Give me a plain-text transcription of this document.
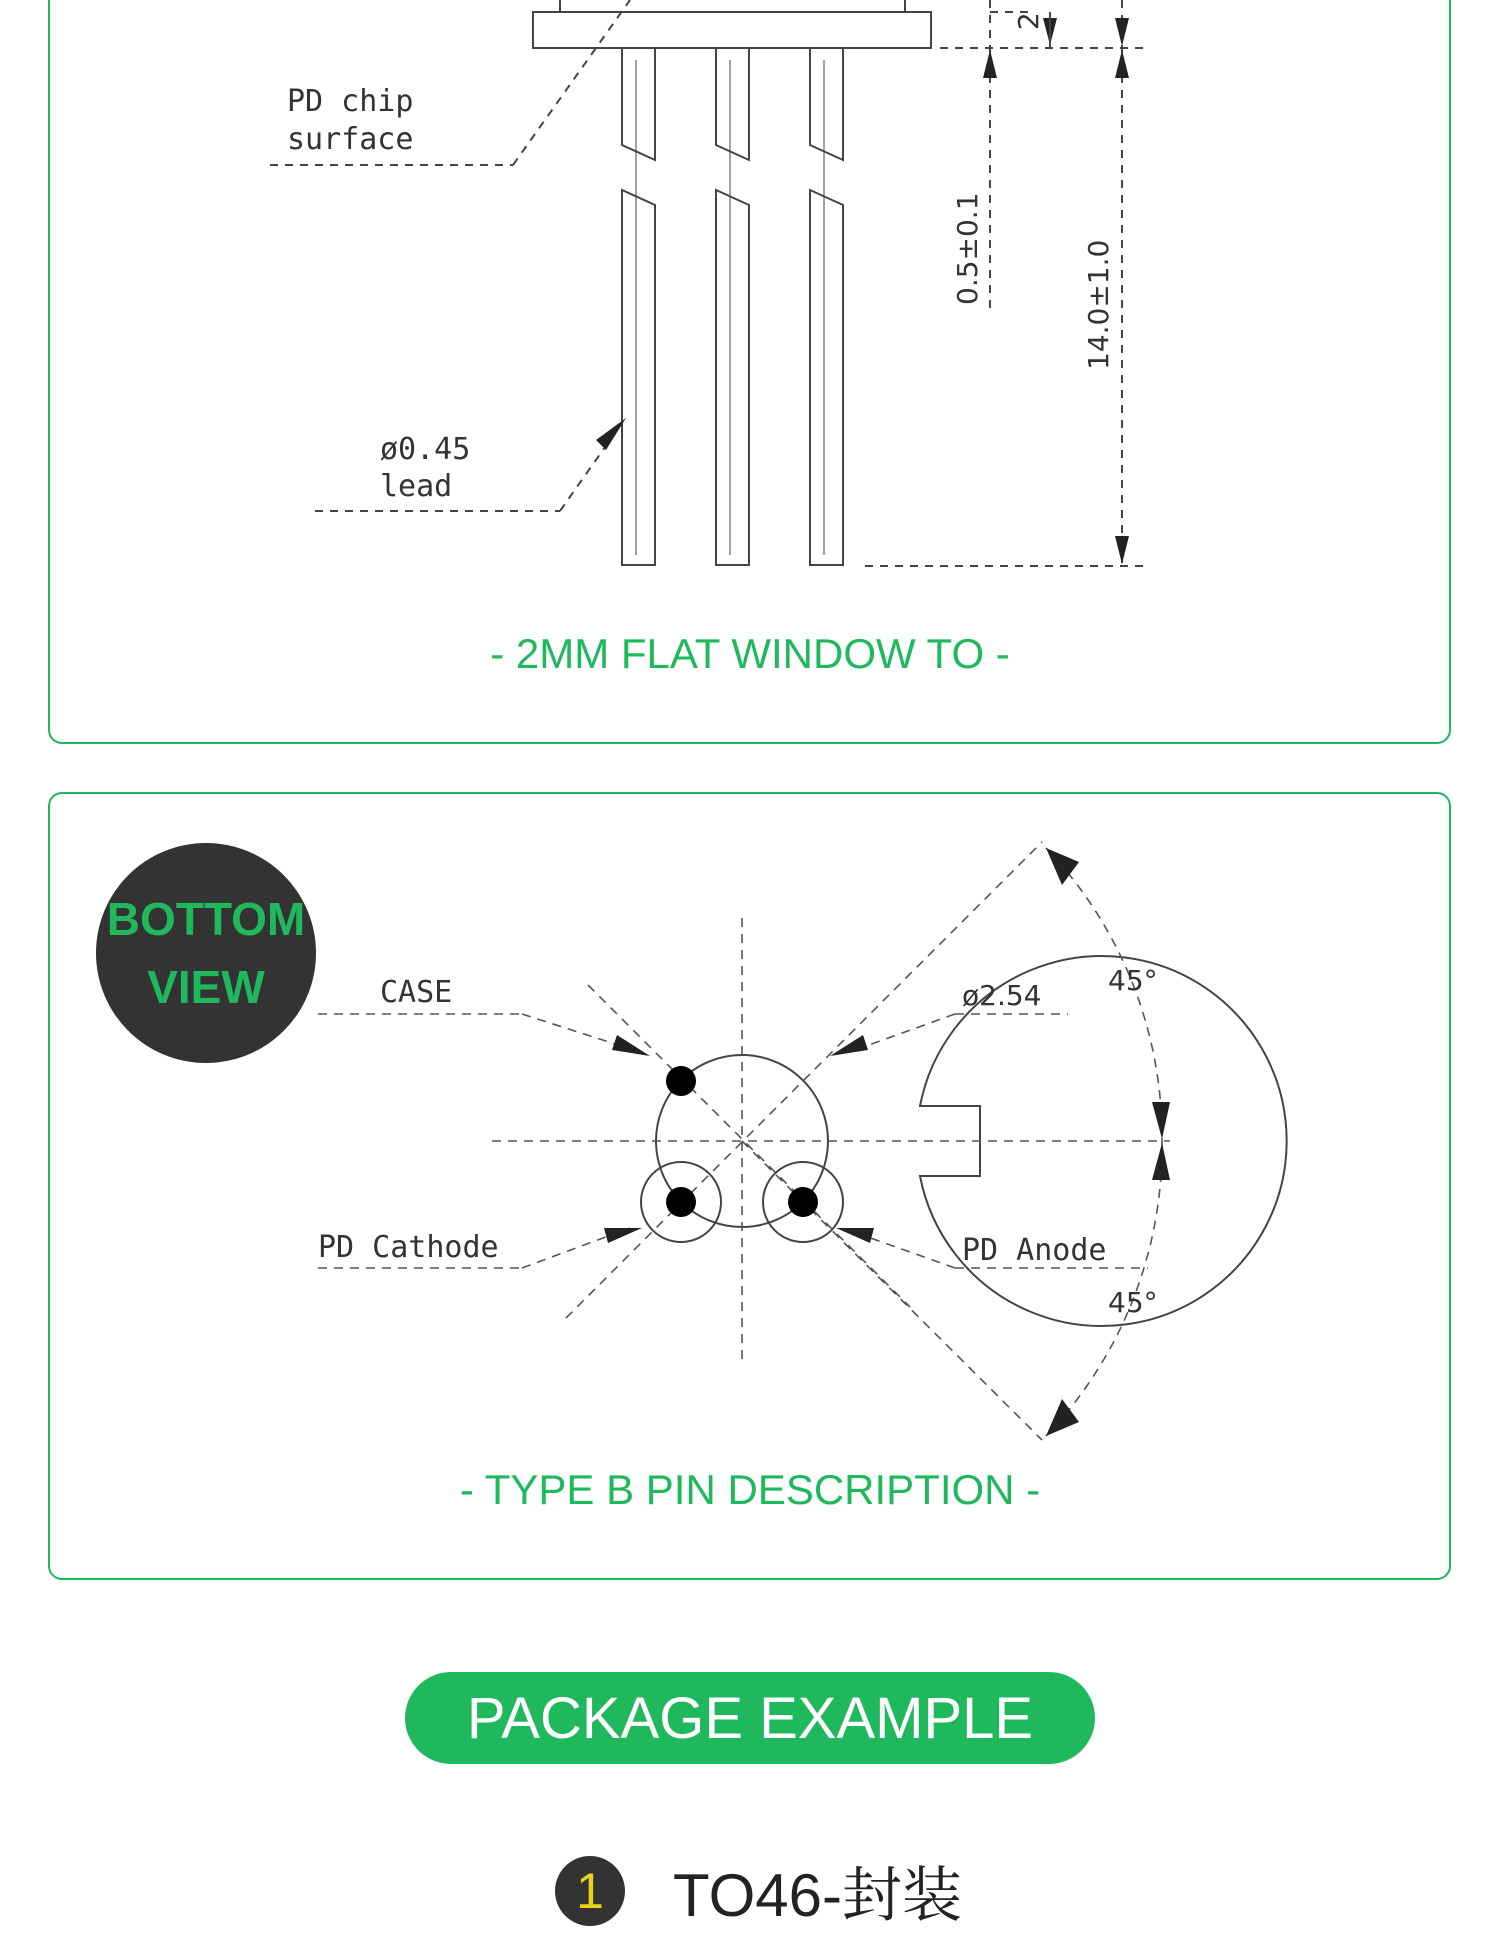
PD chip
surface
ø0.45
lead
0.5±0.1	14.0±1.0
2
- 2MM FLAT WINDOW TO -
BOTTOM
VIEW	CASE	ø2.54 45°
45°
PD Cathode	PD Anode
- TYPE B PIN DESCRIPTION -
PACKAGE EXAMPLE
1	TO46-封装
